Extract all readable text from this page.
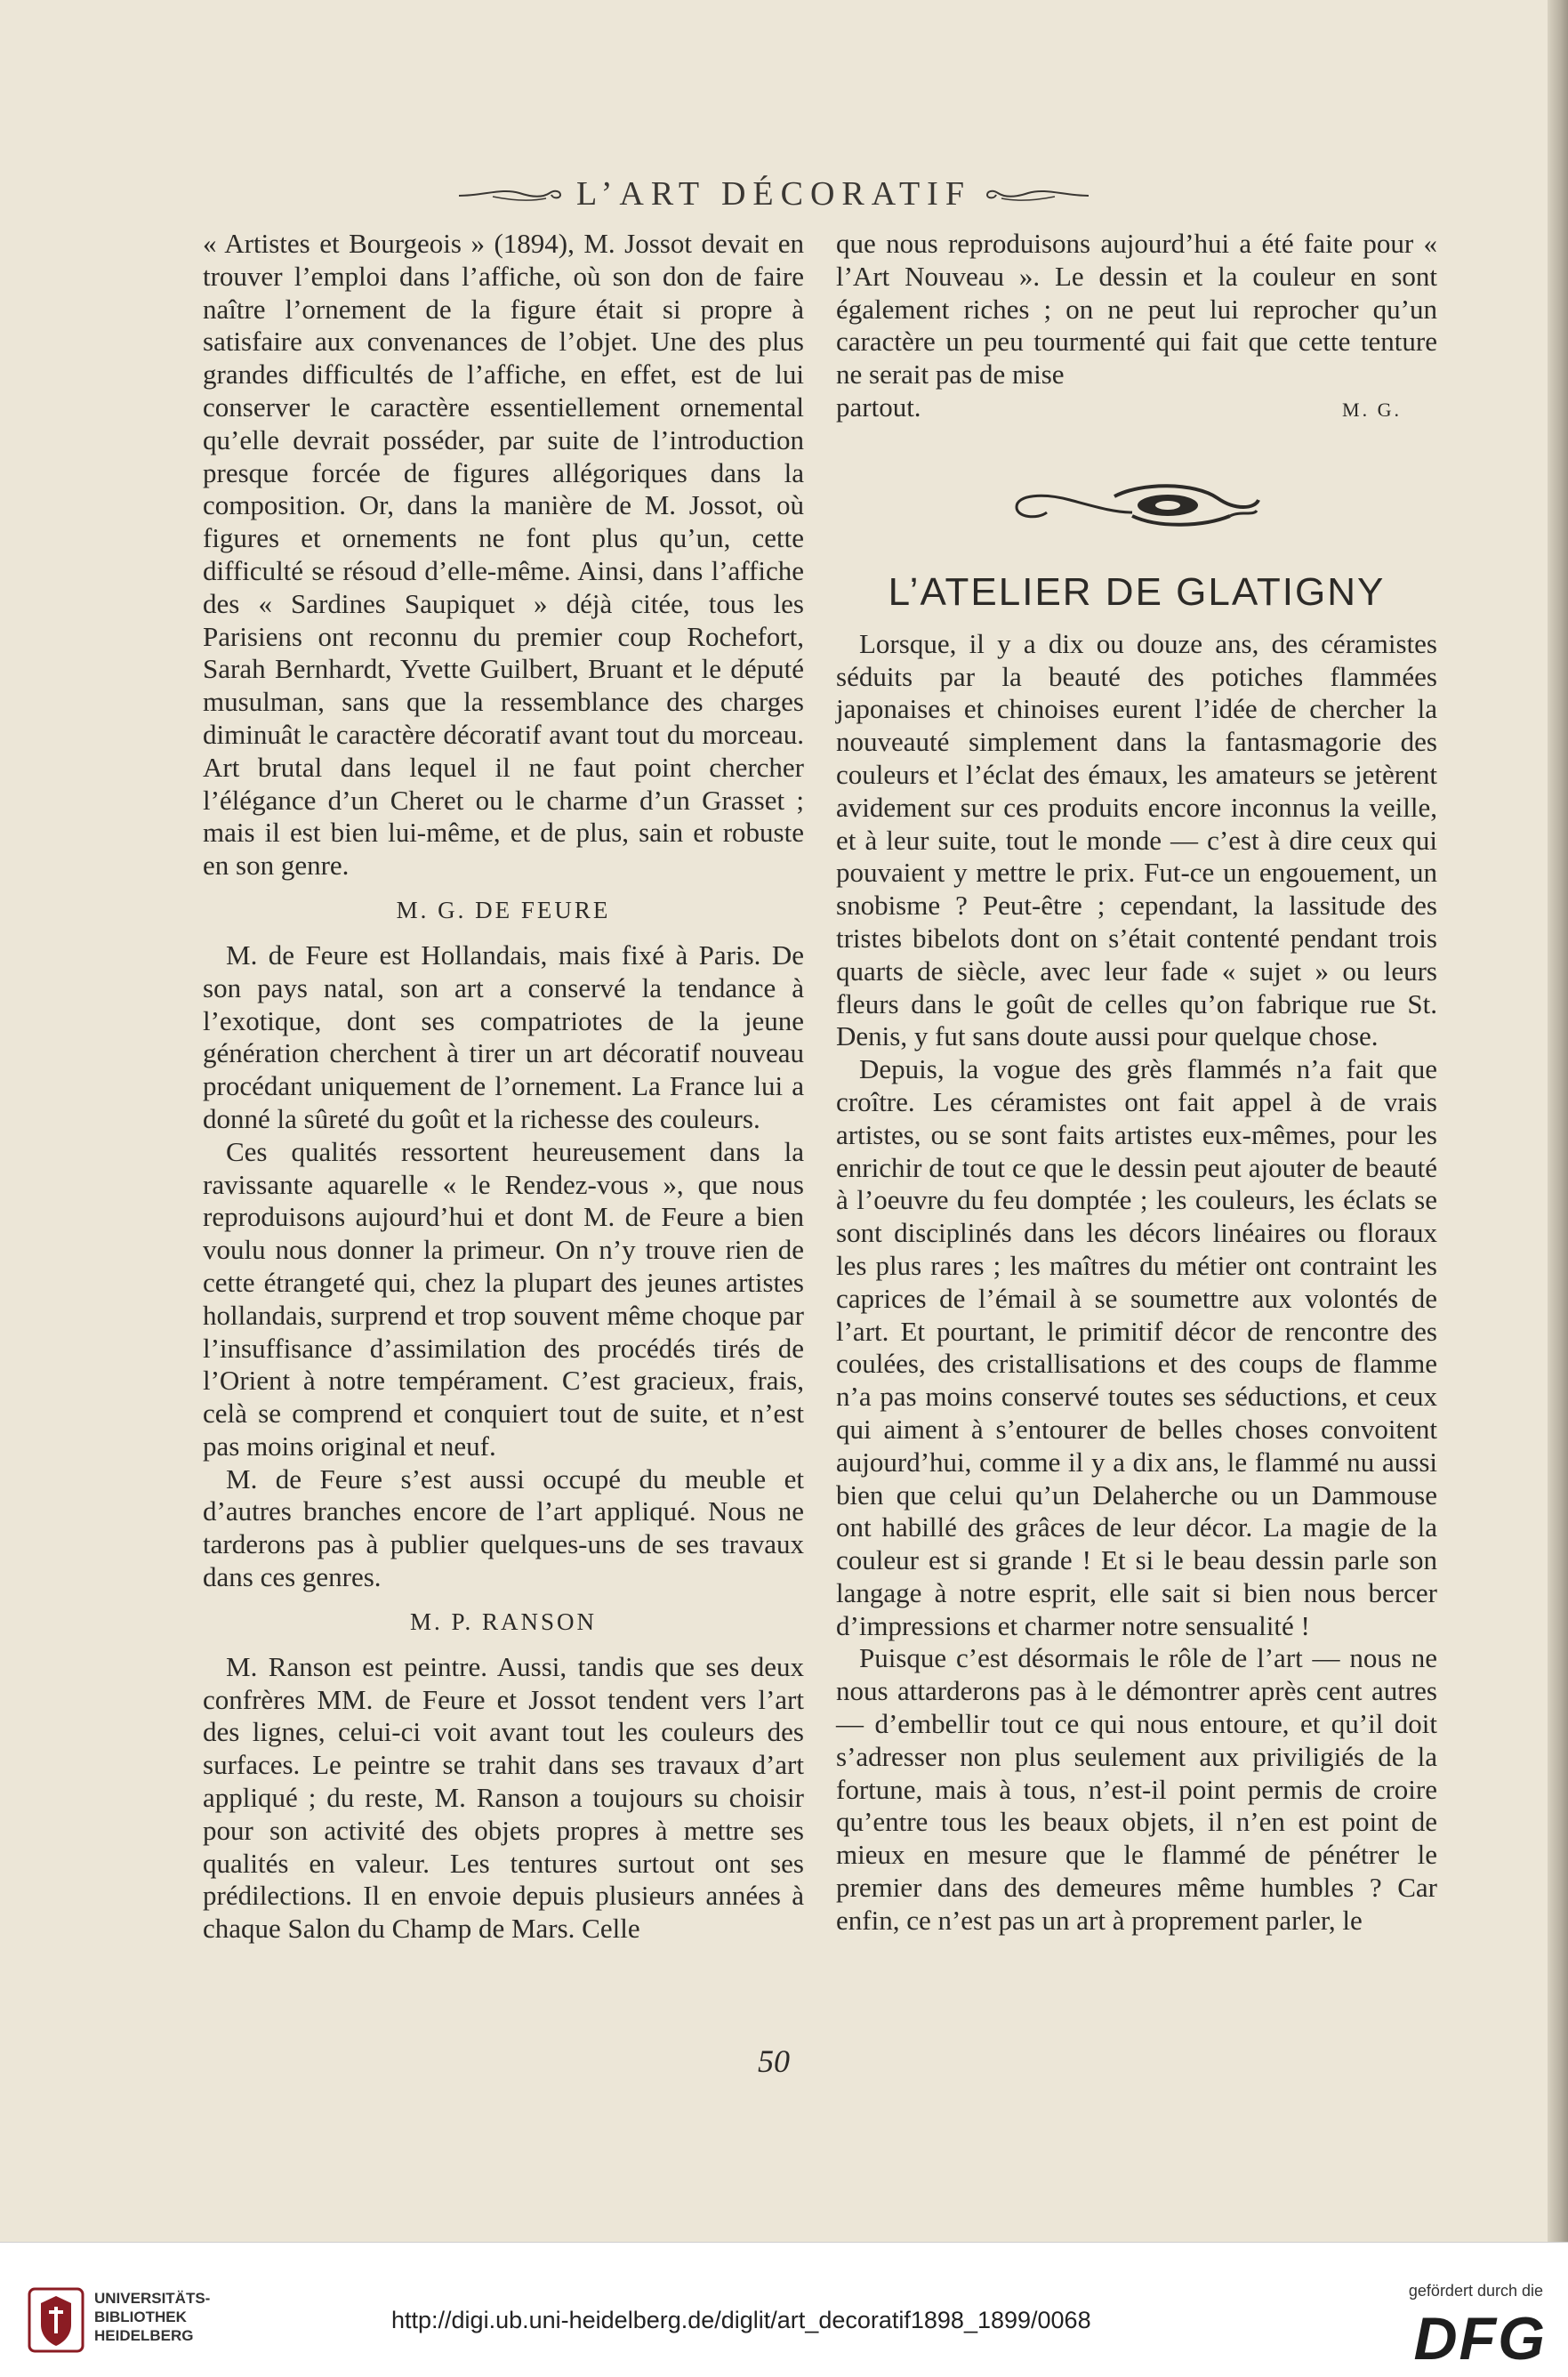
L’ART DÉCORATIF

« Artistes et Bourgeois » (1894), M. Jossot devait en trouver l’emploi dans l’affiche, où son don de faire naître l’ornement de la figure était si propre à satisfaire aux convenances de l’objet. Une des plus grandes difficultés de l’affiche, en effet, est de lui conserver le caractère essentiellement ornemental qu’elle devrait posséder, par suite de l’introduction presque forcée de figures allégoriques dans la composition. Or, dans la manière de M. Jossot, où figures et ornements ne font plus qu’un, cette difficulté se résoud d’elle-même. Ainsi, dans l’affiche des « Sardines Saupiquet » déjà citée, tous les Parisiens ont reconnu du premier coup Rochefort, Sarah Bernhardt, Yvette Guilbert, Bruant et le député musulman, sans que la ressemblance des charges diminuât le caractère décoratif avant tout du morceau. Art brutal dans lequel il ne faut point chercher l’élégance d’un Cheret ou le charme d’un Grasset ; mais il est bien lui-même, et de plus, sain et robuste en son genre.

M. G. DE FEURE

M. de Feure est Hollandais, mais fixé à Paris. De son pays natal, son art a conservé la tendance à l’exotique, dont ses compatriotes de la jeune génération cherchent à tirer un art décoratif nouveau procédant uniquement de l’ornement. La France lui a donné la sûreté du goût et la richesse des couleurs.

Ces qualités ressortent heureusement dans la ravissante aquarelle « le Rendez-vous », que nous reproduisons aujourd’hui et dont M. de Feure a bien voulu nous donner la primeur. On n’y trouve rien de cette étrangeté qui, chez la plupart des jeunes artistes hollandais, surprend et trop souvent même choque par l’insuffisance d’assimilation des procédés tirés de l’Orient à notre tempérament. C’est gracieux, frais, celà se comprend et conquiert tout de suite, et n’est pas moins original et neuf.

M. de Feure s’est aussi occupé du meuble et d’autres branches encore de l’art appliqué. Nous ne tarderons pas à publier quelques-uns de ses travaux dans ces genres.

M. P. RANSON

M. Ranson est peintre. Aussi, tandis que ses deux confrères MM. de Feure et Jossot tendent vers l’art des lignes, celui-ci voit avant tout les couleurs des surfaces. Le peintre se trahit dans ses travaux d’art appliqué ; du reste, M. Ranson a toujours su choisir pour son activité des objets propres à mettre ses qualités en valeur. Les tentures surtout ont ses prédilections. Il en envoie depuis plusieurs années à chaque Salon du Champ de Mars. Celle

que nous reproduisons aujourd’hui a été faite pour « l’Art Nouveau ». Le dessin et la couleur en sont également riches ; on ne peut lui reprocher qu’un caractère un peu tourmenté qui fait que cette tenture ne serait pas de mise

partout.	M. G.
L’ATELIER DE GLATIGNY

Lorsque, il y a dix ou douze ans, des céramistes séduits par la beauté des potiches flammées japonaises et chinoises eurent l’idée de chercher la nouveauté simplement dans la fantasmagorie des couleurs et l’éclat des émaux, les amateurs se jetèrent avidement sur ces produits encore inconnus la veille, et à leur suite, tout le monde — c’est à dire ceux qui pouvaient y mettre le prix. Fut-ce un engouement, un snobisme ? Peut-être ; cependant, la lassitude des tristes bibelots dont on s’était contenté pendant trois quarts de siècle, avec leur fade « sujet » ou leurs fleurs dans le goût de celles qu’on fabrique rue St. Denis, y fut sans doute aussi pour quelque chose.

Depuis, la vogue des grès flammés n’a fait que croître. Les céramistes ont fait appel à de vrais artistes, ou se sont faits artistes eux-mêmes, pour les enrichir de tout ce que le dessin peut ajouter de beauté à l’oeuvre du feu domptée ; les couleurs, les éclats se sont disciplinés dans les décors linéaires ou floraux les plus rares ; les maîtres du métier ont contraint les caprices de l’émail à se soumettre aux volontés de l’art. Et pourtant, le primitif décor de rencontre des coulées, des cristallisations et des coups de flamme n’a pas moins conservé toutes ses séductions, et ceux qui aiment à s’entourer de belles choses convoitent aujourd’hui, comme il y a dix ans, le flammé nu aussi bien que celui qu’un Delaherche ou un Dammouse ont habillé des grâces de leur décor. La magie de la couleur est si grande ! Et si le beau dessin parle son langage à notre esprit, elle sait si bien nous bercer d’impressions et charmer notre sensualité !

Puisque c’est désormais le rôle de l’art — nous ne nous attarderons pas à le démontrer après cent autres — d’embellir tout ce qui nous entoure, et qu’il doit s’adresser non plus seulement aux priviligiés de la fortune, mais à tous, n’est-il point permis de croire qu’entre tous les beaux objets, il n’en est point de mieux en mesure que le flammé de pénétrer le premier dans des demeures même humbles ? Car enfin, ce n’est pas un art à proprement parler, le

50
UNIVERSITÄTS-
BIBLIOTHEK
HEIDELBERG
http://digi.ub.uni-heidelberg.de/diglit/art_decoratif1898_1899/0068
gefördert durch die
DFG
